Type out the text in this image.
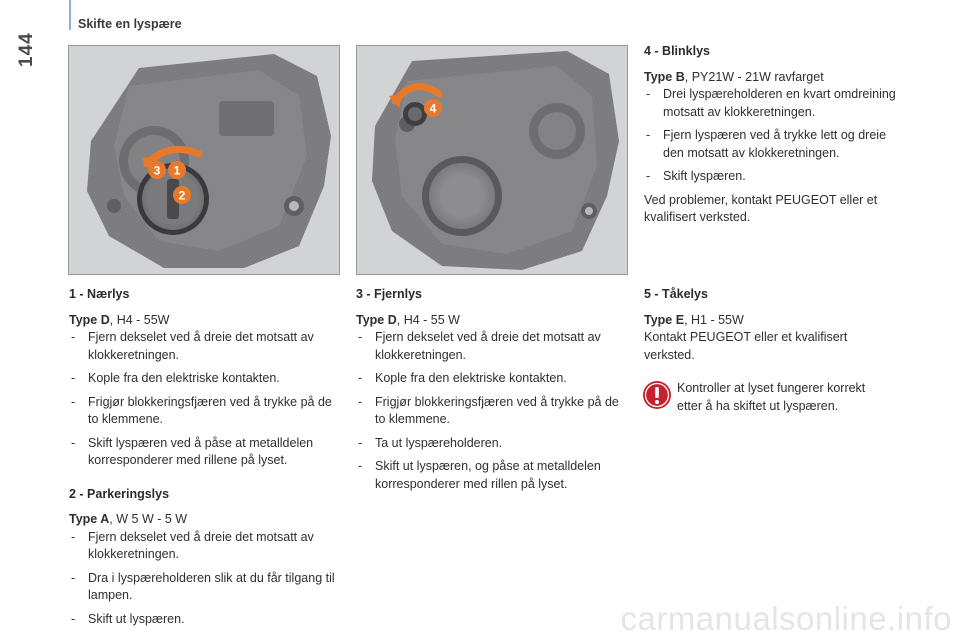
144
Skifte en lyspære
3 1
2
4
1 - Nærlys

Type D, H4 - 55W

- Fjern dekselet ved å dreie det motsatt av klokkeretningen.
- Kople fra den elektriske kontakten.
- Frigjør blokkeringsfjæren ved å trykke på de to klemmene.
- Skift lyspæren ved å påse at metalldelen korresponderer med rillene på lyset.
2 - Parkeringslys

Type A, W 5 W - 5 W

- Fjern dekselet ved å dreie det motsatt av klokkeretningen.
- Dra i lyspæreholderen slik at du får tilgang til lampen.
- Skift ut lyspæren.
3 - Fjernlys

Type D, H4 - 55 W

- Fjern dekselet ved å dreie det motsatt av klokkeretningen.
- Kople fra den elektriske kontakten.
- Frigjør blokkeringsfjæren ved å trykke på de to klemmene.
- Ta ut lyspæreholderen.
- Skift ut lyspæren, og påse at metalldelen korresponderer med rillen på lyset.
4 - Blinklys

Type B, PY21W - 21W ravfarget

- Drei lyspæreholderen en kvart omdreining motsatt av klokkeretningen.
- Fjern lyspæren ved å trykke lett og dreie den motsatt av klokkeretningen.
- Skift lyspæren.

Ved problemer, kontakt PEUGEOT eller et kvalifisert verksted.

5 - Tåkelys

Type E, H1 - 55W

Kontakt PEUGEOT eller et kvalifisert verksted.

Kontroller at lyset fungerer korrekt etter å ha skiftet ut lyspæren.
carmanualsonline.info
